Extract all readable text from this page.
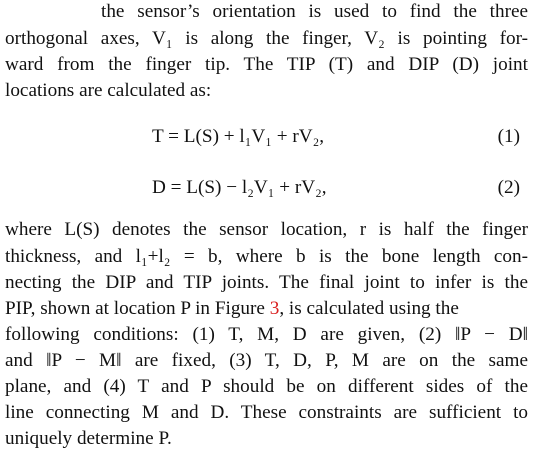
the sensor’s orientation is used to find the three
orthogonal axes, V₁ is along the finger, V₂ is pointing for-
ward from the finger tip. The TIP (T) and DIP (D) joint
locations are calculated as:
T = L(S) + l₁V₁ + rV₂,	(1)
D = L(S) − l₂V₁ + rV₂,	(2)
where L(S) denotes the sensor location, r is half the finger
thickness, and l₁+l₂ = b, where b is the bone length con-
necting the DIP and TIP joints. The final joint to infer is the
PIP, shown at location P in Figure 3, is calculated using the
following conditions: (1) T, M, D are given, (2) ‖P − D‖
and ‖P − M‖ are fixed, (3) T, D, P, M are on the same
plane, and (4) T and P should be on different sides of the
line connecting M and D. These constraints are sufficient to
uniquely determine P.
